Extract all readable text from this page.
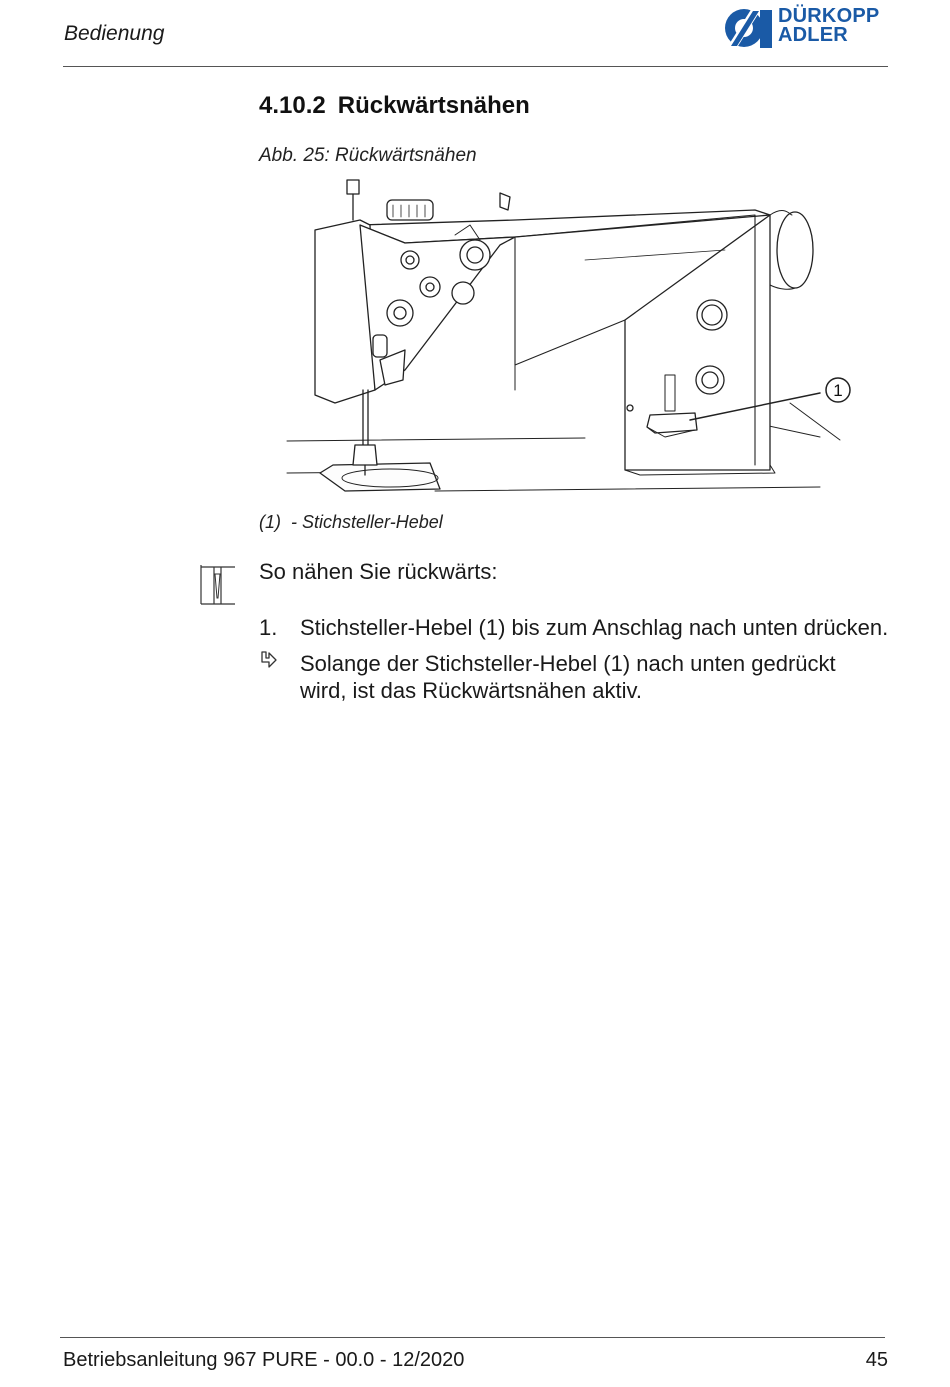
Bedienung
DÜRKOPP
ADLER
4.10.2 Rückwärtsnähen
Abb. 25: Rückwärtsnähen
1
(1) - Stichsteller-Hebel
So nähen Sie rückwärts:
1. Stichsteller-Hebel (1) bis zum Anschlag nach unten drücken.
Solange der Stichsteller-Hebel (1) nach unten gedrückt wird, ist das Rückwärtsnähen aktiv.
Betriebsanleitung 967 PURE - 00.0 - 12/2020	45
